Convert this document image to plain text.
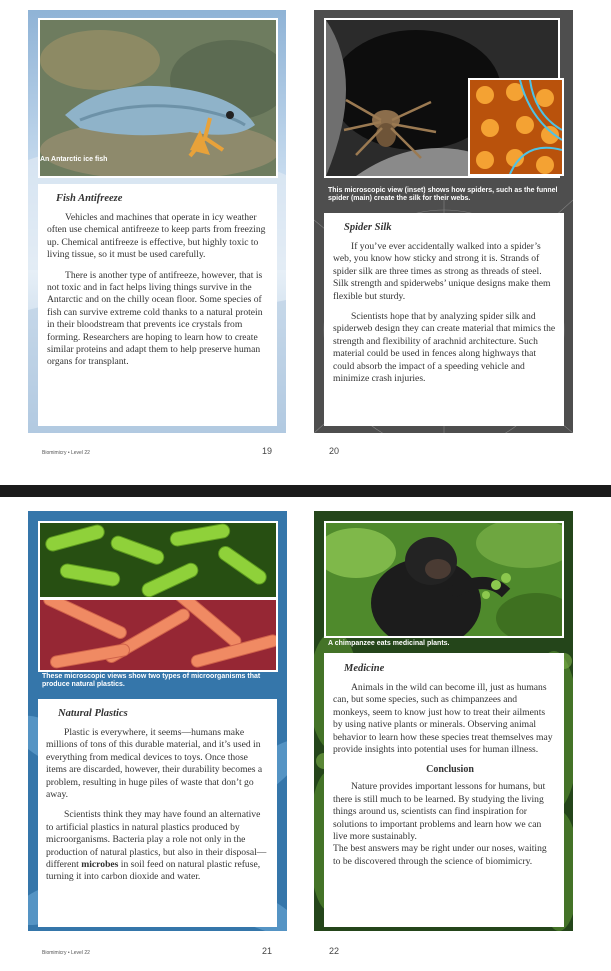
An Antarctic ice fish
Fish Antifreeze

Vehicles and machines that operate in icy weather often use chemical antifreeze to keep parts from freezing up. Chemical antifreeze is effective, but highly toxic to living tissue, so it must be used carefully.

There is another type of antifreeze, however, that is not toxic and in fact helps living things survive in the Antarctic and on the chilly ocean floor. Some species of fish can survive extreme cold thanks to a natural protein in their bloodstream that prevents ice crystals from forming. Researchers are hoping to learn how to create similar proteins and adapt them to help preserve human organs for transplant.

Biomimicry • Level 22	19
This microscopic view (inset) shows how spiders, such as the funnel spider (main) create the silk for their webs.
Spider Silk

If you’ve ever accidentally walked into a spider’s web, you know how sticky and strong it is. Strands of spider silk are three times as strong as threads of steel. Silk strength and spiderwebs’ unique designs make them flexible but sturdy.

Scientists hope that by analyzing spider silk and spiderweb design they can create material that mimics the strength and flexibility of arachnid architecture. Such material could be used in fences along highways that could absorb the impact of a speeding vehicle and minimize crash injuries.

20
These microscopic views show two types of microorganisms that produce natural plastics.
Natural Plastics

Plastic is everywhere, it seems—humans make millions of tons of this durable material, and it’s used in everything from medical devices to toys. Once those items are discarded, however, their durability becomes a problem, resulting in huge piles of waste that don’t go away.

Scientists think they may have found an alternative to artificial plastics in natural plastics produced by microorganisms. Bacteria play a role not only in the production of natural plastics, but also in their disposal—different microbes in soil feed on natural plastic refuse, turning it into carbon dioxide and water.

Biomimicry • Level 22	21
A chimpanzee eats medicinal plants.
Medicine

Animals in the wild can become ill, just as humans can, but some species, such as chimpanzees and monkeys, seem to know just how to treat their ailments by using native plants or minerals. Observing animal behavior to learn how these species treat themselves may provide insights into potential uses for human illness.

Conclusion

Nature provides important lessons for humans, but there is still much to be learned. By studying the living things around us, scientists can find inspiration for solutions to important problems and learn how we can live more sustainably.

The best answers may be right under our noses, waiting to be discovered through the science of biomimicry.

22
